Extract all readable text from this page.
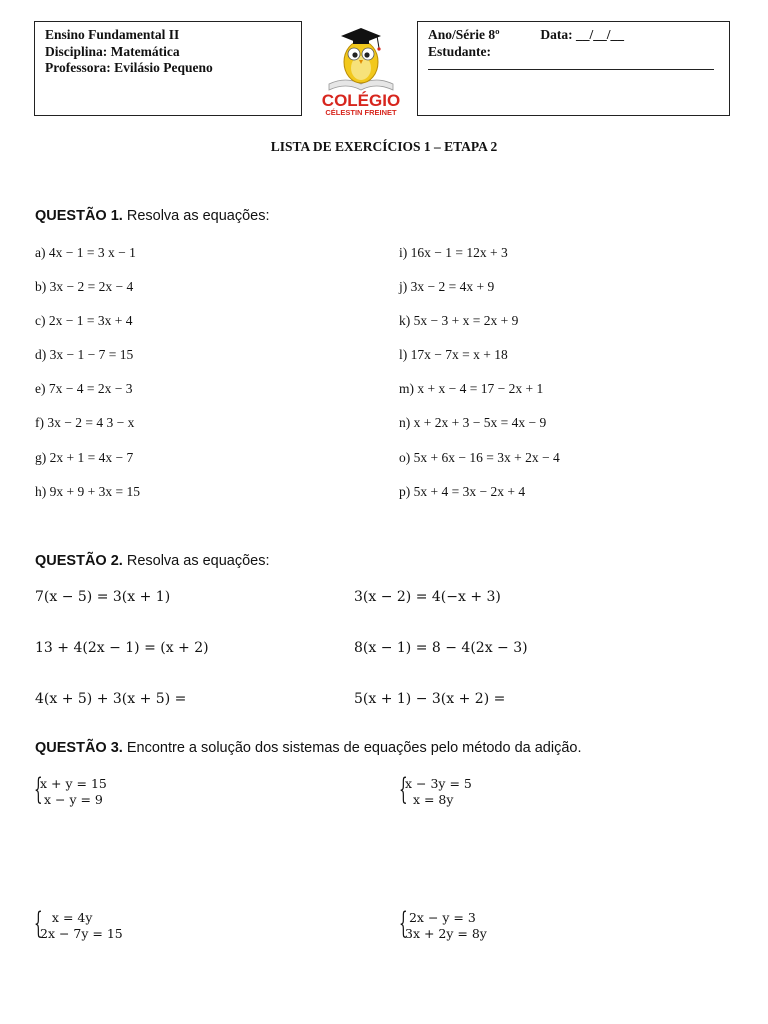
Ensino Fundamental II
Disciplina: Matemática
Professora: Evilásio Pequeno
COLÉGIO
CÉLESTIN FREINET
Ano/Série 8º	Data: __/__/__
Estudante:
LISTA DE EXERCÍCIOS 1 – ETAPA 2
QUESTÃO 1. Resolva as equações:
a) 4x − 1 = 3 x − 1
b) 3x − 2 = 2x − 4
c) 2x − 1 = 3x + 4
d) 3x − 1 − 7 = 15
e) 7x − 4 = 2x − 3
f) 3x − 2 = 4 3 − x
g) 2x + 1 = 4x − 7
h) 9x + 9 + 3x = 15
i) 16x − 1 = 12x + 3
j) 3x − 2 = 4x + 9
k) 5x − 3 + x = 2x + 9
l) 17x − 7x = x + 18
m) x + x − 4 = 17 − 2x + 1
n) x + 2x + 3 − 5x = 4x − 9
o) 5x + 6x − 16 = 3x + 2x − 4
p) 5x + 4 = 3x − 2x + 4
QUESTÃO 2. Resolva as equações:
7(x − 5) = 3(x + 1)
13 + 4(2x − 1) = (x + 2)
4(x + 5) + 3(x + 5) =
3(x − 2) = 4(−x + 3)
8(x − 1) = 8 − 4(2x − 3)
5(x + 1) − 3(x + 2) =
QUESTÃO 3. Encontre a solução dos sistemas de equações pelo método da adição.
{
x + y = 15
x − y = 9	{
x − 3y = 5
x = 8y
{
x = 4y
2x − 7y = 15	{
2x − y = 3
3x + 2y = 8y
